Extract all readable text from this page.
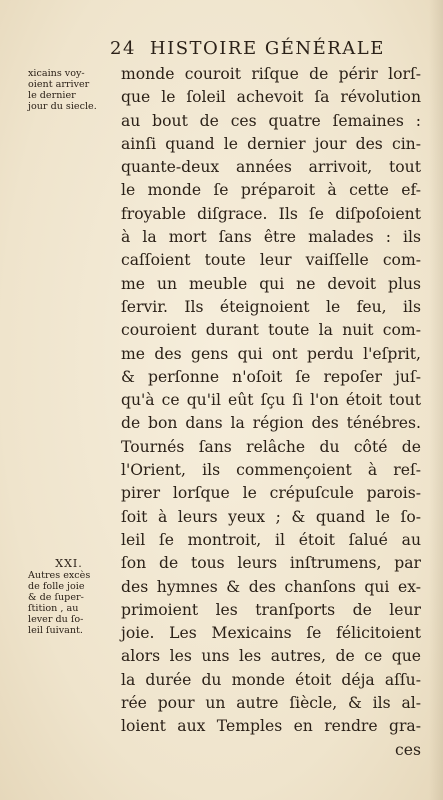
24 HISTOIRE GÉNÉRALE
xicains voy-
oient arriver
le dernier
jour du siecle.
XXI.
Autres excès
de folle joie
& de ſuper-
ſtition , au
lever du ſo-
leil ſuivant.
monde couroit riſque de périr lorſ-
que le ſoleil achevoit ſa révolution
au bout de ces quatre ſemaines :
ainſi quand le dernier jour des cin-
quante-deux années arrivoit, tout
le monde ſe préparoit à cette ef-
froyable diſgrace. Ils ſe diſpoſoient
à la mort ſans être malades : ils
caſſoient toute leur vaiſſelle com-
me un meuble qui ne devoit plus
ſervir. Ils éteignoient le feu, ils
couroient durant toute la nuit com-
me des gens qui ont perdu l'eſprit,
& perſonne n'oſoit ſe repoſer juſ-
qu'à ce qu'il eût ſçu ſi l'on étoit tout
de bon dans la région des ténébres.
Tournés ſans relâche du côté de
l'Orient, ils commençoient à reſ-
pirer lorſque le crépuſcule parois-
ſoit à leurs yeux ; & quand le ſo-
leil ſe montroit, il étoit ſalué au
ſon de tous leurs inſtrumens, par
des hymnes & des chanſons qui ex-
primoient les tranſports de leur
joie. Les Mexicains ſe félicitoient
alors les uns les autres, de ce que
la durée du monde étoit déja aſſu-
rée pour un autre ſiècle, & ils al-
loient aux Temples en rendre gra-
ces
